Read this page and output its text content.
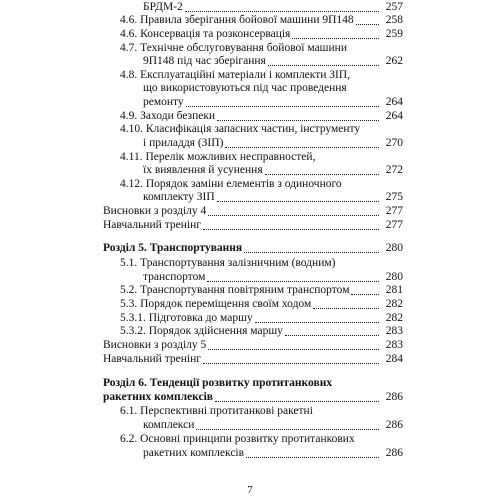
БРДМ-2	257
4.6. Правила зберігання бойової машини 9П148	258
4.6. Консервація та розконсервація	259
4.7. Технічне обслуговування бойової машини
9П148 під час зберігання	262
4.8. Експлуатаційні матеріали і комплекти ЗІП,
що використовуються під час проведення
ремонту	264
4.9. Заходи безпеки	264
4.10. Класифікація запасних частин, інструменту
і приладдя (ЗІП)	270
4.11. Перелік можливих несправностей,
їх виявлення й усунення	272
4.12. Порядок заміни елементів з одиночного
комплекту ЗІП	275
Висновки з розділу 4	277
Навчальний тренінг	277
Розділ 5. Транспортування	280
5.1. Транспортування залізничним (водним)
транспортом	280
5.2. Транспортування повітряним транспортом	281
5.3. Порядок переміщення своїм ходом	282
5.3.1. Підготовка до маршу	282
5.3.2. Порядок здійснення маршу	283
Висновки з розділу 5	283
Навчальний тренінг	284
Розділ 6. Тенденції розвитку протитанкових
ракетних комплексів	286
6.1. Перспективні протитанкові ракетні
комплекси	286
6.2. Основні принципи розвитку протитанкових
ракетних комплексів	286
7
